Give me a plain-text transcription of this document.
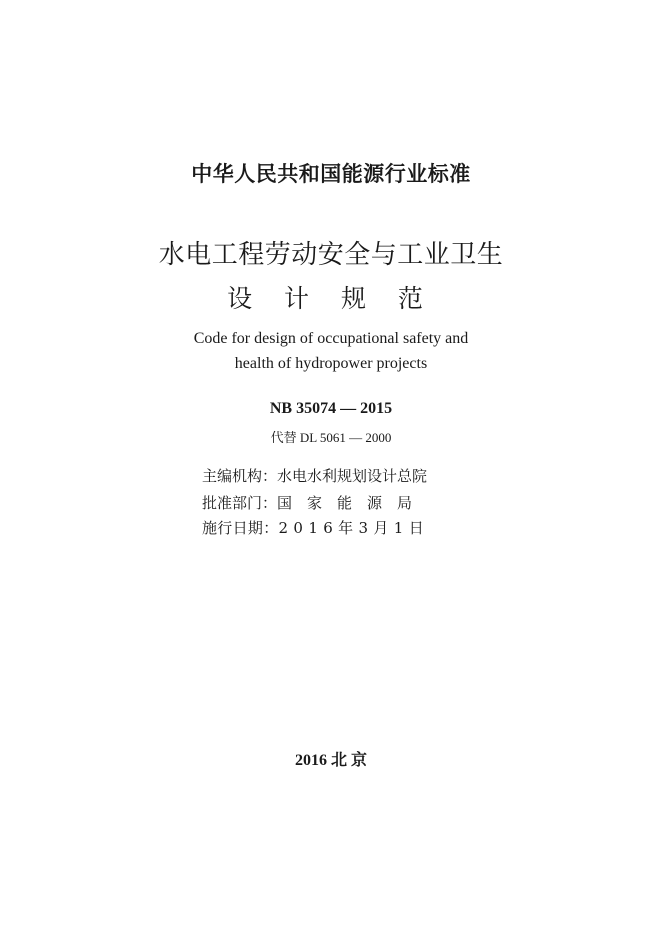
中华人民共和国能源行业标准
水电工程劳动安全与工业卫生
设 计 规 范
Code for design of occupational safety and
health of hydropower projects
NB 35074 — 2015
代替 DL 5061 — 2000
主编机构：水电水利规划设计总院
批准部门：国　家　能　源　局
施行日期：2 0 1 6 年 3 月 1 日
2016 北 京
